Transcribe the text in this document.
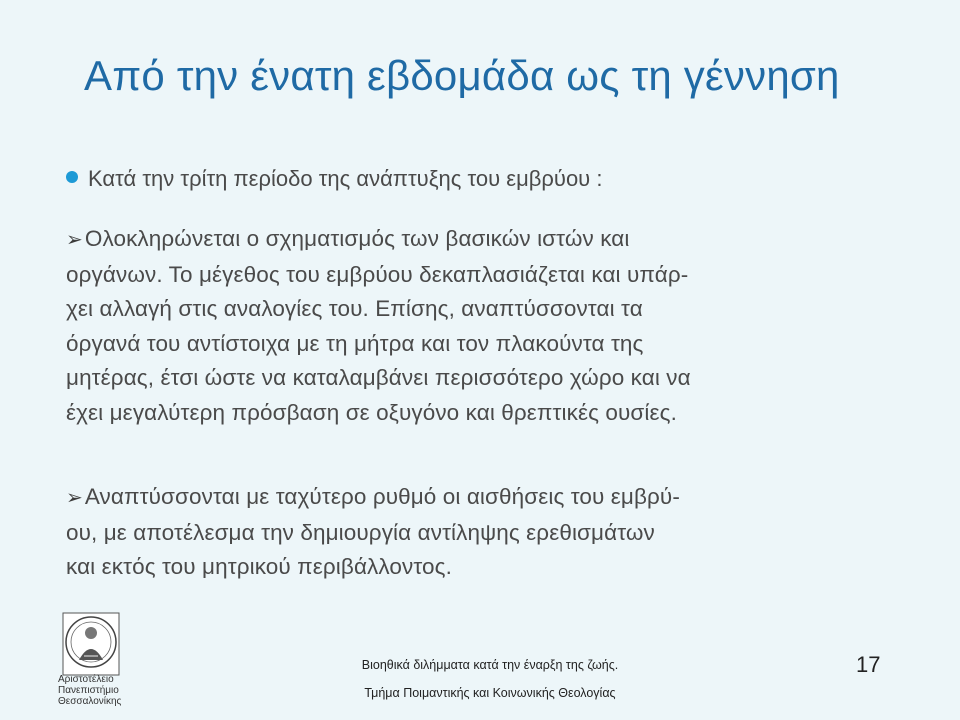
Από την ένατη εβδομάδα ως τη γέννηση
Κατά την τρίτη περίοδο της ανάπτυξης του εμβρύου :
➢Ολοκληρώνεται ο σχηματισμός των βασικών ιστών και
οργάνων. Το μέγεθος του εμβρύου δεκαπλασιάζεται και υπάρ-
χει αλλαγή στις αναλογίες του. Επίσης, αναπτύσσονται τα
όργανά του αντίστοιχα με τη μήτρα και τον πλακούντα της
μητέρας, έτσι ώστε να καταλαμβάνει περισσότερο χώρο και να
έχει μεγαλύτερη πρόσβαση σε οξυγόνο και θρεπτικές ουσίες.
➢Αναπτύσσονται με ταχύτερο ρυθμό οι αισθήσεις του εμβρύ-
ου, με αποτέλεσμα την δημιουργία αντίληψης ερεθισμάτων
και εκτός του μητρικού περιβάλλοντος.
Αριστοτέλειο
Πανεπιστήμιο
Θεσσαλονίκης
Βιοηθικά διλήμματα κατά την έναρξη της ζωής.
Τμήμα Ποιμαντικής και Κοινωνικής Θεολογίας
17
